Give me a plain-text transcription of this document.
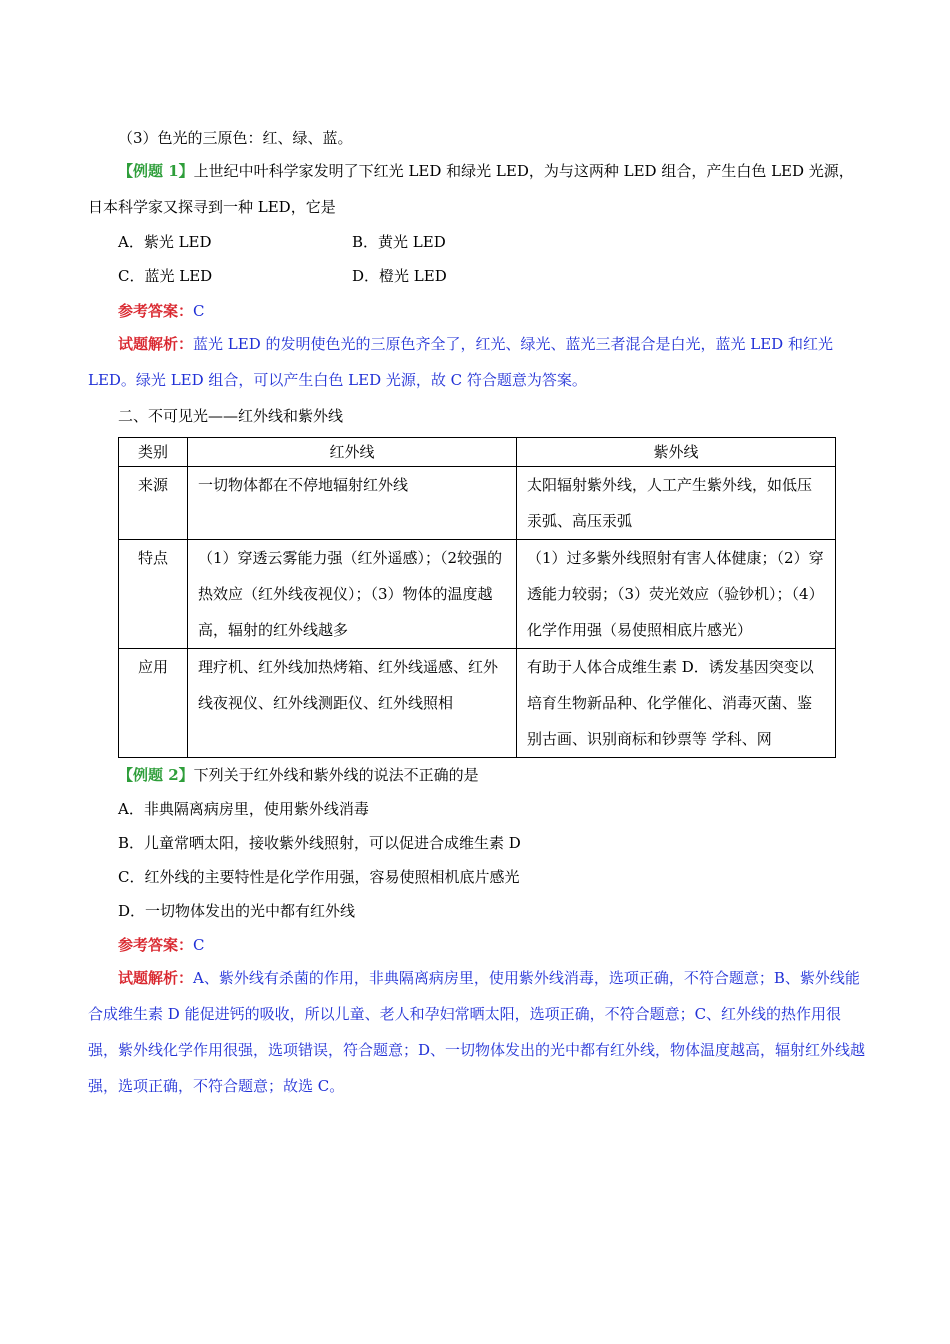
（3）色光的三原色：红、绿、蓝。
【例题 1】上世纪中叶科学家发明了下红光 LED 和绿光 LED，为与这两种 LED 组合，产生白色 LED 光源，日本科学家又探寻到一种 LED，它是
A．紫光 LED	B．黄光 LED
C．蓝光 LED	D．橙光 LED
参考答案：C
试题解析：蓝光 LED 的发明使色光的三原色齐全了，红光、绿光、蓝光三者混合是白光，蓝光 LED 和红光 LED。绿光 LED 组合，可以产生白色 LED 光源，故 C 符合题意为答案。
二、不可见光——红外线和紫外线
类别	红外线	紫外线

来源	一切物体都在不停地辐射红外线	太阳辐射紫外线，人工产生紫外线，如低压汞弧、高压汞弧

特点	（1）穿透云雾能力强（红外遥感）；（2较强的热效应（红外线夜视仪）；（3）物体的温度越高，辐射的红外线越多	（1）过多紫外线照射有害人体健康；（2）穿透能力较弱；（3）荧光效应（验钞机）；（4）化学作用强（易使照相底片感光）

应用	理疗机、红外线加热烤箱、红外线遥感、红外线夜视仪、红外线测距仪、红外线照相	有助于人体合成维生素 D．诱发基因突变以培育生物新品种、化学催化、消毒灭菌、鉴别古画、识别商标和钞票等 学科、网
【例题 2】下列关于红外线和紫外线的说法不正确的是
A．非典隔离病房里，使用紫外线消毒
B．儿童常晒太阳，接收紫外线照射，可以促进合成维生素 D
C．红外线的主要特性是化学作用强，容易使照相机底片感光
D．一切物体发出的光中都有红外线
参考答案：C
试题解析：A、紫外线有杀菌的作用，非典隔离病房里，使用紫外线消毒，选项正确，不符合题意；B、紫外线能合成维生素 D 能促进钙的吸收，所以儿童、老人和孕妇常晒太阳，选项正确，不符合题意；C、红外线的热作用很强，紫外线化学作用很强，选项错误，符合题意；D、一切物体发出的光中都有红外线，物体温度越高，辐射红外线越强，选项正确，不符合题意；故选 C。
